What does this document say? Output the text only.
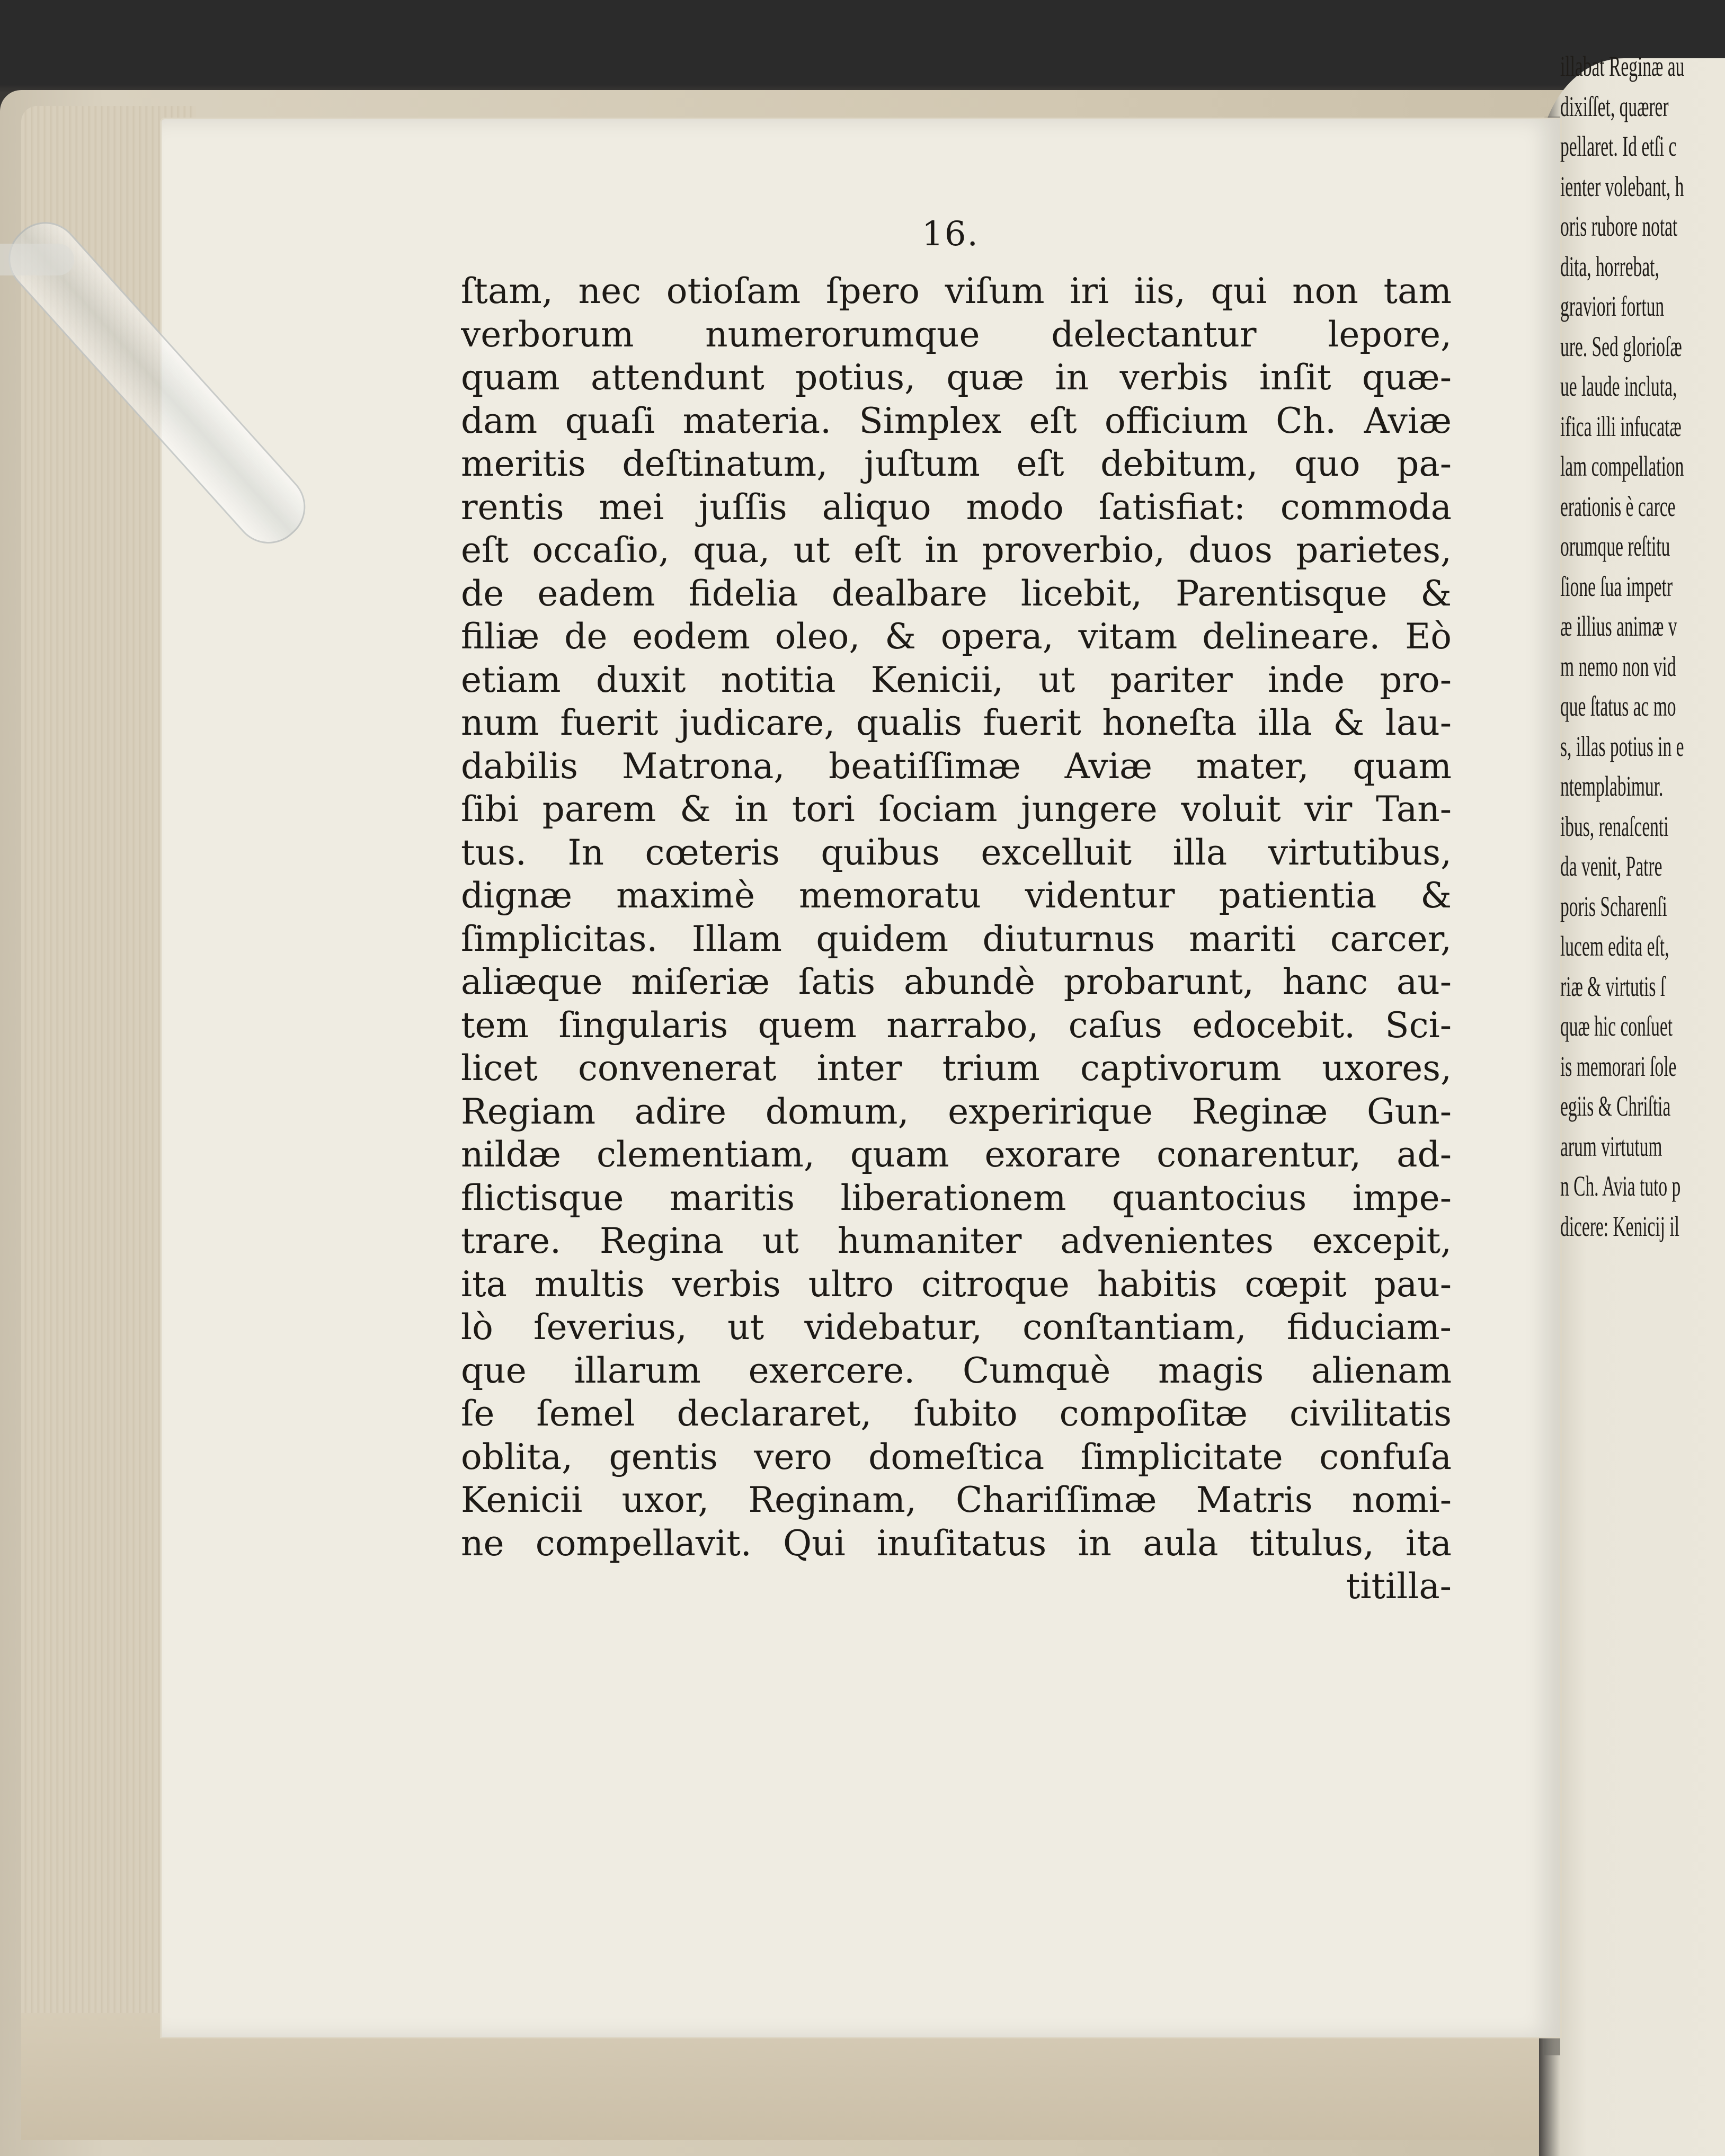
16.
ſtam, nec otioſam ſpero viſum iri iis, qui non tam
verborum numerorumque delectantur lepore,
quam attendunt potius, quæ in verbis inſit quæ-
dam quaſi materia. Simplex eſt officium Ch. Aviæ
meritis deſtinatum, juſtum eſt debitum, quo pa-
rentis mei juſſis aliquo modo ſatisfiat: commoda
eſt occaſio, qua, ut eſt in proverbio, duos parietes,
de eadem fidelia dealbare licebit, Parentisque &
filiæ de eodem oleo, & opera, vitam delineare. Eò
etiam duxit notitia Kenicii, ut pariter inde pro-
num fuerit judicare, qualis fuerit honeſta illa & lau-
dabilis Matrona, beatiſſimæ Aviæ mater, quam
ſibi parem & in tori ſociam jungere voluit vir Tan-
tus. In cœteris quibus excelluit illa virtutibus,
dignæ maximè memoratu videntur patientia &
ſimplicitas. Illam quidem diuturnus mariti carcer,
aliæque miſeriæ ſatis abundè probarunt, hanc au-
tem ſingularis quem narrabo, caſus edocebit. Sci-
licet convenerat inter trium captivorum uxores,
Regiam adire domum, experirique Reginæ Gun-
nildæ clementiam, quam exorare conarentur, ad-
flictisque maritis liberationem quantocius impe-
trare. Regina ut humaniter advenientes excepit,
ita multis verbis ultro citroque habitis cœpit pau-
lò ſeverius, ut videbatur, conſtantiam, fiduciam-
que illarum exercere. Cumquè magis alienam
ſe ſemel declararet, ſubito compoſitæ civilitatis
oblita, gentis vero domeſtica ſimplicitate confuſa
Kenicii uxor, Reginam, Chariſſimæ Matris nomi-
ne compellavit. Qui inuſitatus in aula titulus, ita
titilla-
illabat Reginæ au
dixiſſet, quærer
pellaret. Id etſi c
ienter volebant, h
oris rubore notat
dita, horrebat,
graviori fortun
ure. Sed glorioſæ
ue laude incluta,
ifica illi infucatæ
lam compellation
erationis è carce
orumque reſtitu
ſione ſua impetr
æ illius animæ v
m nemo non vid
que ſtatus ac mo
s, illas potius in e
ntemplabimur.
ibus, renaſcenti
da venit, Patre
poris Scharenſi
lucem edita eſt,
riæ & virtutis ſ
quæ hic conſuet
is memorari ſole
egiis & Chriſtia
arum virtutum
n Ch. Avia tuto p
dicere: Kenicij il
